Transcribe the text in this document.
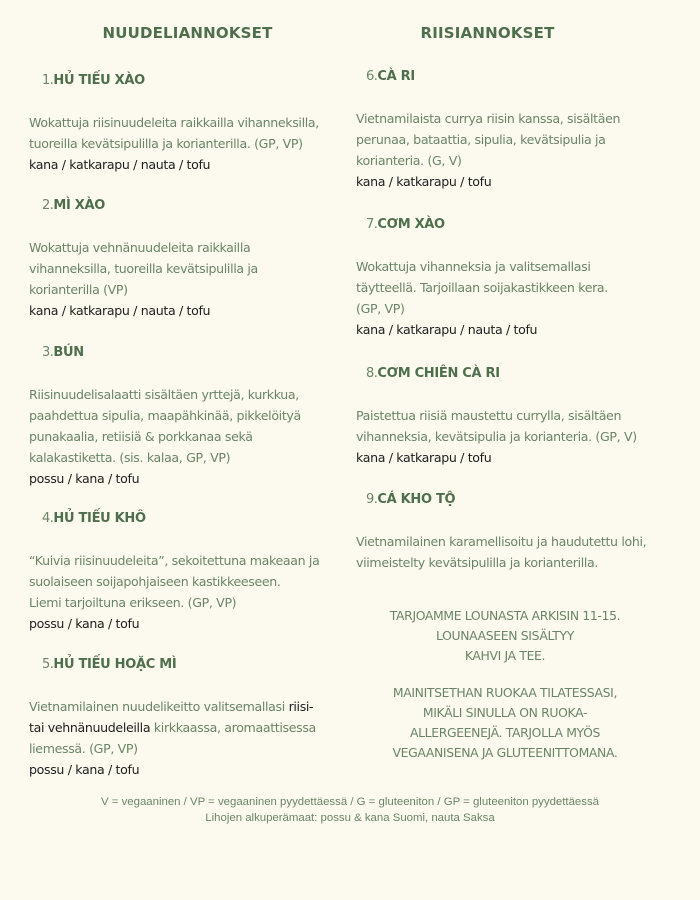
NUUDELIANNOKSET	RIISIANNOKSET
1.HỦ TIẾU XÀO
Wokattuja riisinuudeleita raikkailla vihanneksilla,
tuoreilla kevätsipulilla ja korianterilla. (GP, VP)
kana / katkarapu / nauta / tofu
2.MÌ XÀO
Wokattuja vehnänuudeleita raikkailla
vihanneksilla, tuoreilla kevätsipulilla ja
korianterilla (VP)
kana / katkarapu / nauta / tofu
3.BÚN
Riisinuudelisalaatti sisältäen yrttejä, kurkkua,
paahdettua sipulia, maapähkinää, pikkelöityä
punakaalia, retiisiä & porkkanaa sekä
kalakastiketta. (sis. kalaa, GP, VP)
possu / kana / tofu
4.HỦ TIẾU KHÔ
“Kuivia riisinuudeleita”, sekoitettuna makeaan ja
suolaiseen soijapohjaiseen kastikkeeseen.
Liemi tarjoiltuna erikseen. (GP, VP)
possu / kana / tofu
5.HỦ TIẾU HOẶC MÌ
Vietnamilainen nuudelikeitto valitsemallasi riisi-
tai vehnänuudeleilla kirkkaassa, aromaattisessa
liemessä. (GP, VP)
possu / kana / tofu
6.CÀ RI
Vietnamilaista currya riisin kanssa, sisältäen
perunaa, bataattia, sipulia, kevätsipulia ja
korianteria. (G, V)
kana / katkarapu / tofu
7.CƠM XÀO
Wokattuja vihanneksia ja valitsemallasi
täytteellä. Tarjoillaan soijakastikkeen kera.
(GP, VP)
kana / katkarapu / nauta / tofu
8.CƠM CHIÊN CÀ RI
Paistettua riisiä maustettu currylla, sisältäen
vihanneksia, kevätsipulia ja korianteria. (GP, V)
kana / katkarapu / tofu
9.CÁ KHO TỘ
Vietnamilainen karamellisoitu ja haudutettu lohi,
viimeistelty kevätsipulilla ja korianterilla.
TARJOAMME LOUNASTA ARKISIN 11-15.
LOUNAASEEN SISÄLTYY
KAHVI JA TEE.
MAINITSETHAN RUOKAA TILATESSASI,
MIKÄLI SINULLA ON RUOKA-
ALLERGEENEJÄ. TARJOLLA MYÖS
VEGAANISENA JA GLUTEENITTOMANA.
V = vegaaninen / VP = vegaaninen pyydettäessä / G = gluteeniton / GP = gluteeniton pyydettäessä
Lihojen alkuperämaat: possu & kana Suomi, nauta Saksa
